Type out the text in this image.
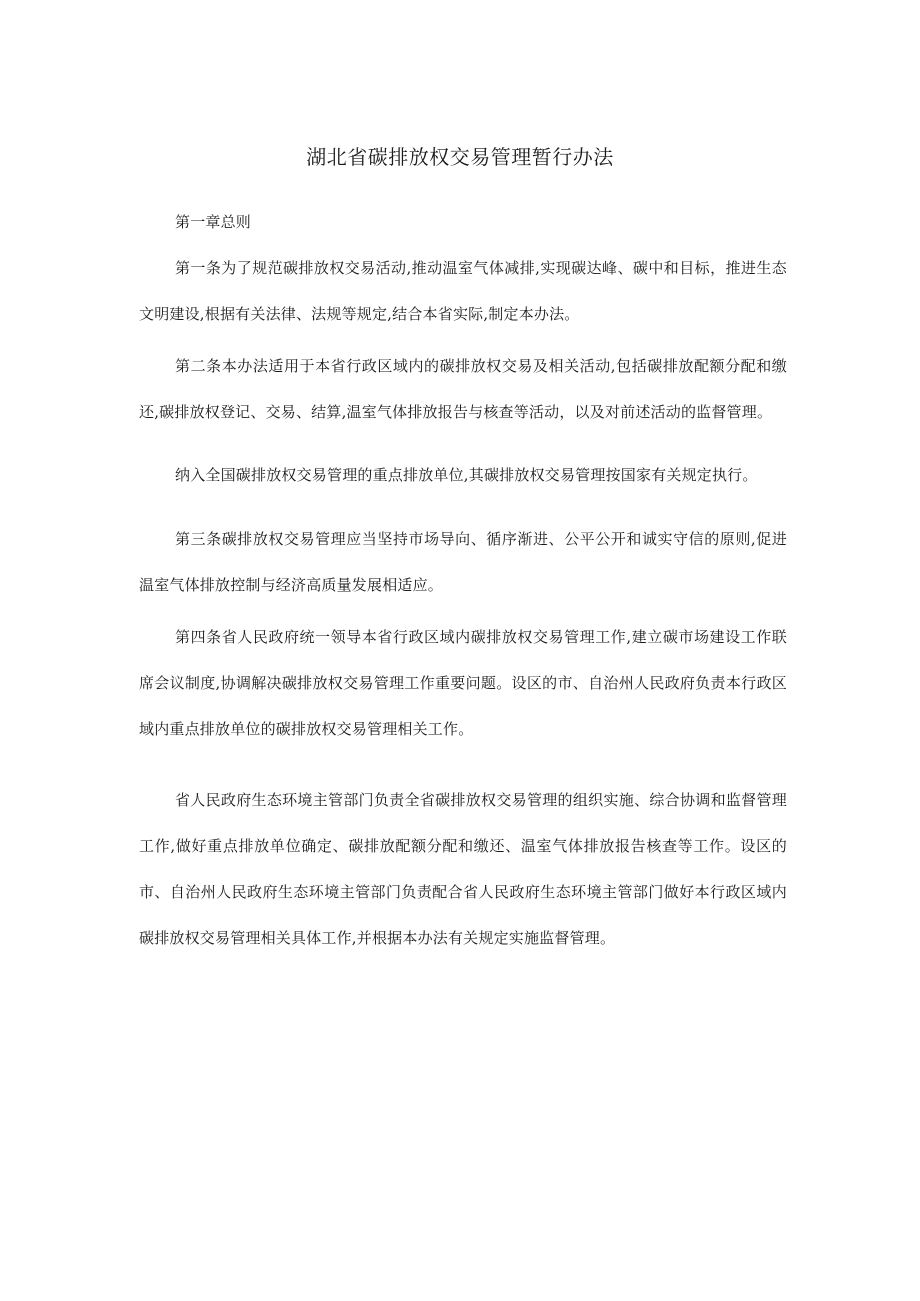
湖北省碳排放权交易管理暂行办法

第一章总则

第一条为了规范碳排放权交易活动,推动温室气体减排,实现碳达峰、碳中和目标，推进生态文明建设,根据有关法律、法规等规定,结合本省实际,制定本办法。

第二条本办法适用于本省行政区域内的碳排放权交易及相关活动,包括碳排放配额分配和缴还,碳排放权登记、交易、结算,温室气体排放报告与核查等活动，以及对前述活动的监督管理。

纳入全国碳排放权交易管理的重点排放单位,其碳排放权交易管理按国家有关规定执行。

第三条碳排放权交易管理应当坚持市场导向、循序渐进、公平公开和诚实守信的原则,促进温室气体排放控制与经济高质量发展相适应。

第四条省人民政府统一领导本省行政区域内碳排放权交易管理工作,建立碳市场建设工作联席会议制度,协调解决碳排放权交易管理工作重要问题。设区的市、自治州人民政府负责本行政区域内重点排放单位的碳排放权交易管理相关工作。

省人民政府生态环境主管部门负责全省碳排放权交易管理的组织实施、综合协调和监督管理工作,做好重点排放单位确定、碳排放配额分配和缴还、温室气体排放报告核查等工作。设区的市、自治州人民政府生态环境主管部门负责配合省人民政府生态环境主管部门做好本行政区域内碳排放权交易管理相关具体工作,并根据本办法有关规定实施监督管理。
